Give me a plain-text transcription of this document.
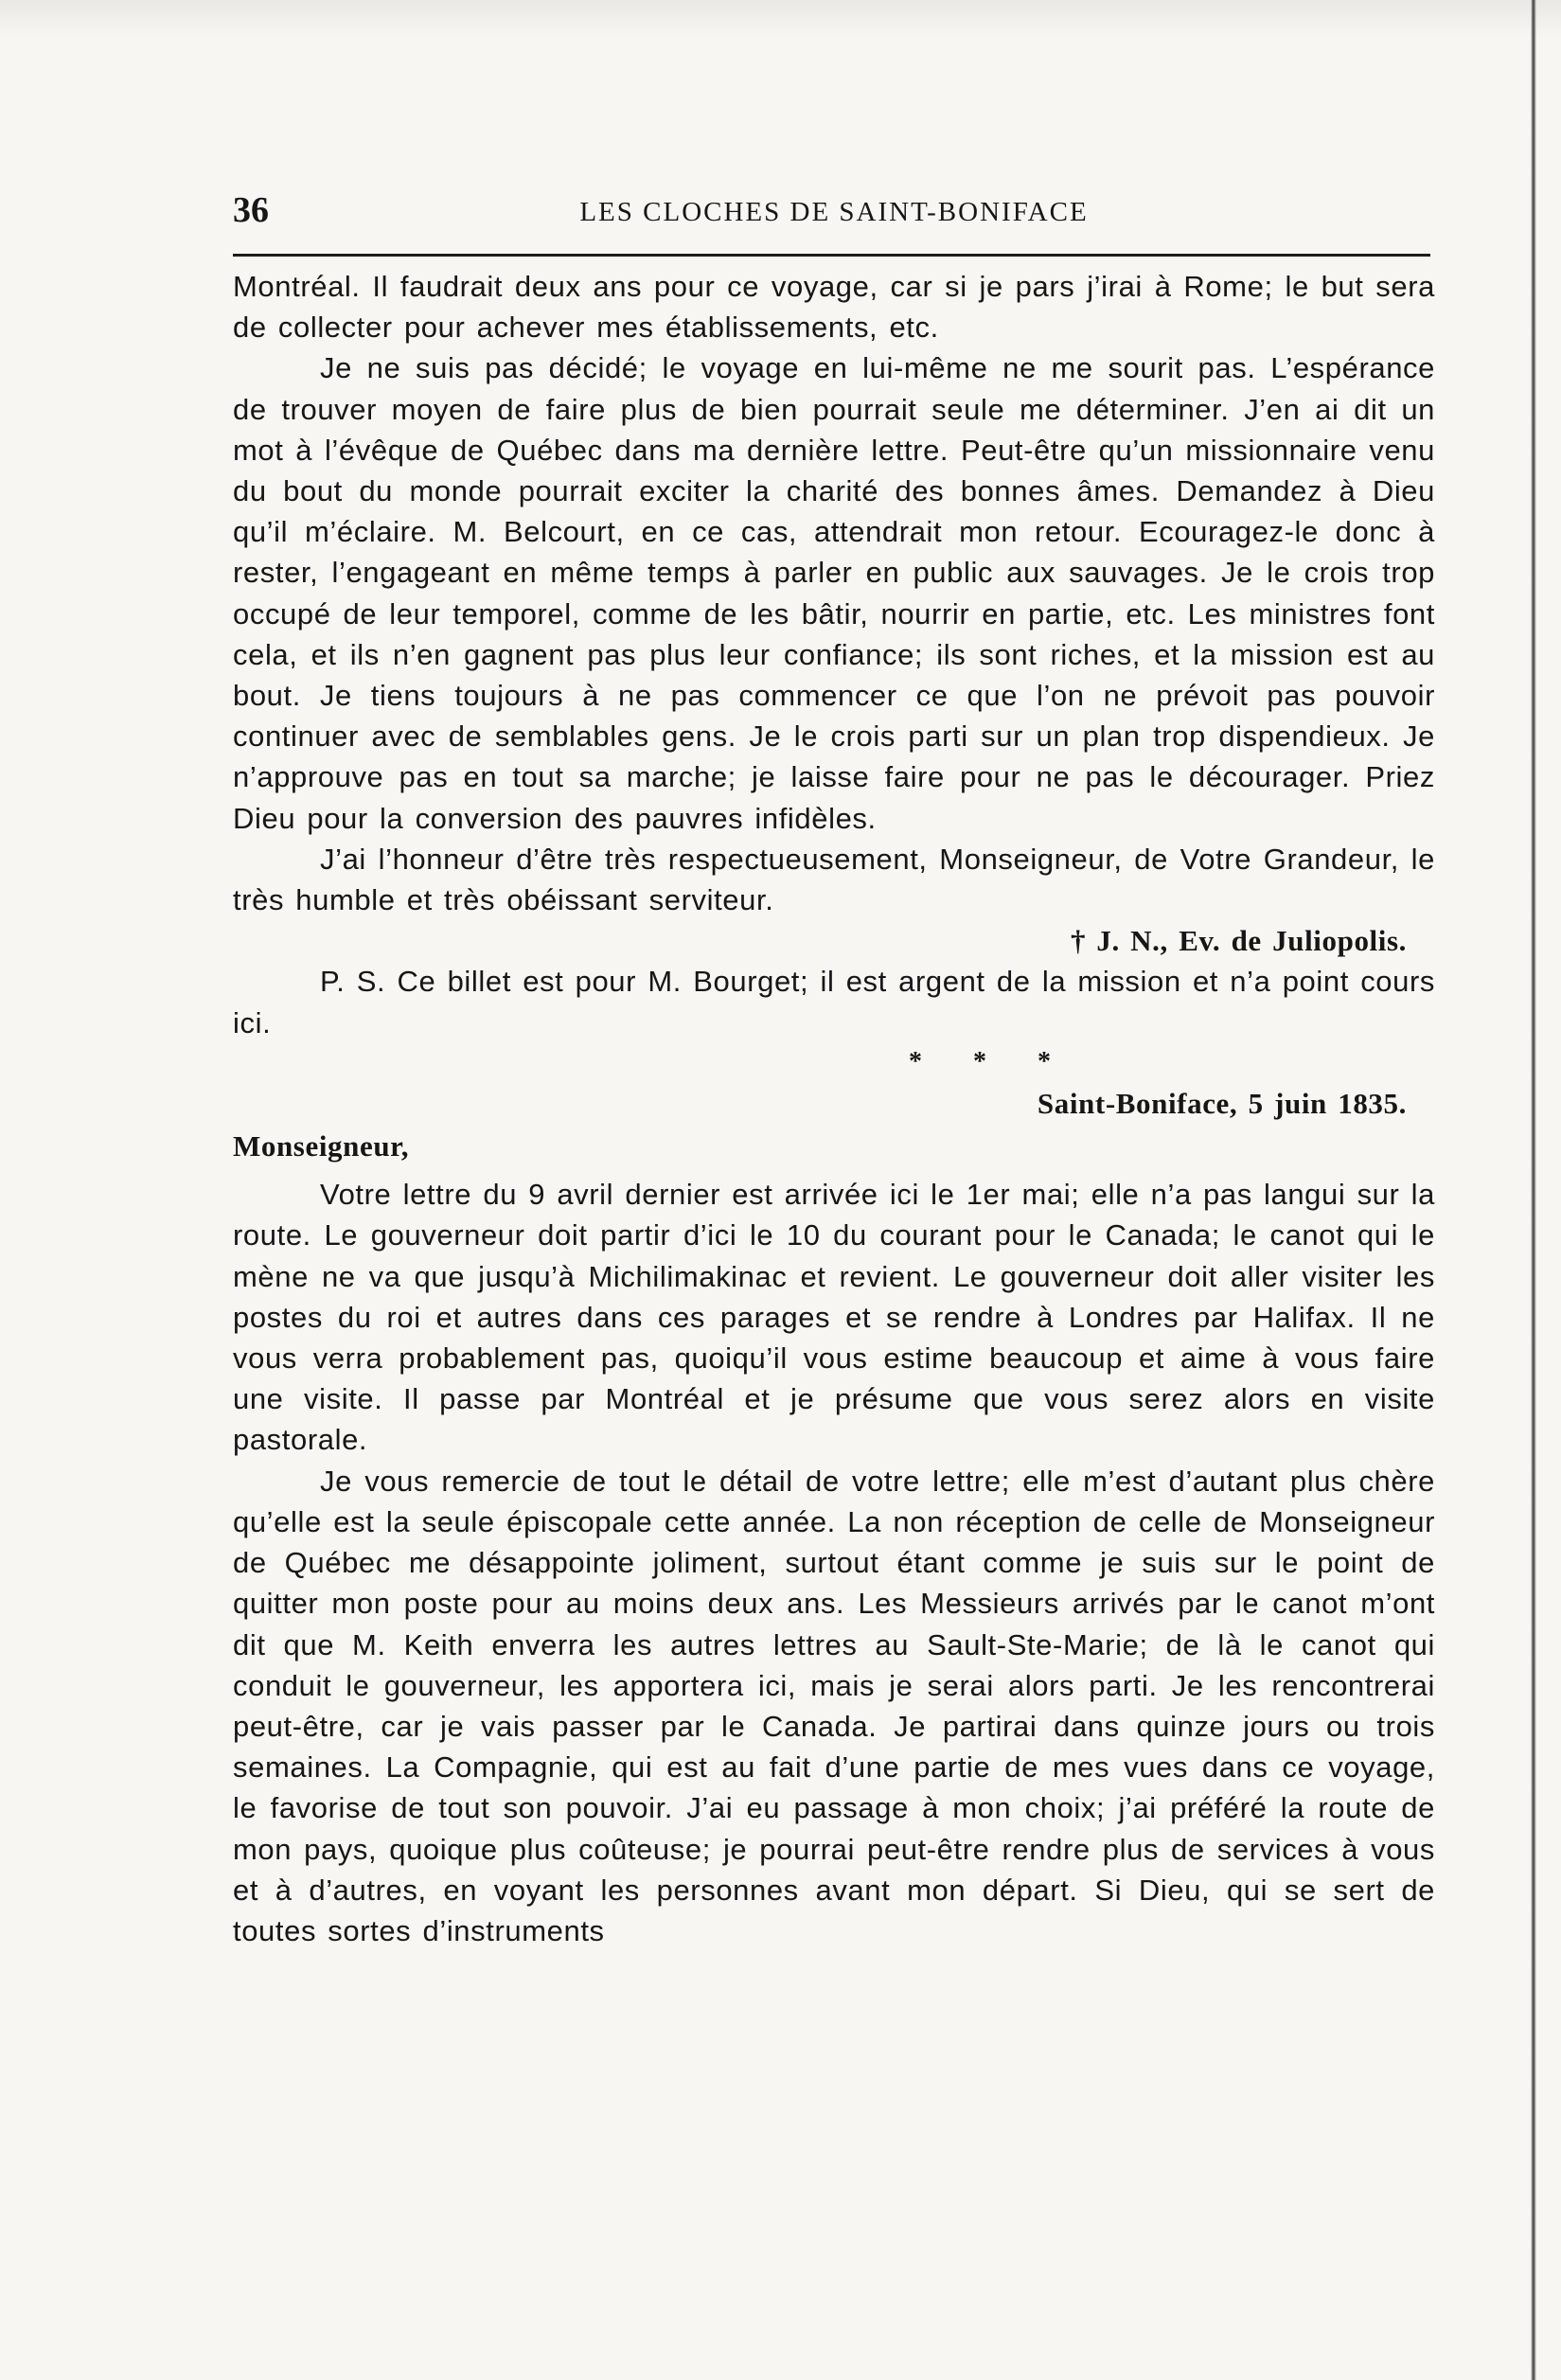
36	LES CLOCHES DE SAINT-BONIFACE

Montréal. Il faudrait deux ans pour ce voyage, car si je pars j’irai à Rome; le but sera de collecter pour achever mes établissements, etc.

Je ne suis pas décidé; le voyage en lui-même ne me sourit pas. L’espérance de trouver moyen de faire plus de bien pourrait seule me déterminer. J’en ai dit un mot à l’évêque de Québec dans ma dernière lettre. Peut-être qu’un missionnaire venu du bout du monde pourrait exciter la charité des bonnes âmes. Demandez à Dieu qu’il m’éclaire. M. Belcourt, en ce cas, attendrait mon retour. Ecouragez-le donc à rester, l’engageant en même temps à parler en public aux sauvages. Je le crois trop occupé de leur temporel, comme de les bâtir, nourrir en partie, etc. Les ministres font cela, et ils n’en gagnent pas plus leur confiance; ils sont riches, et la mission est au bout. Je tiens toujours à ne pas commencer ce que l’on ne prévoit pas pouvoir continuer avec de semblables gens. Je le crois parti sur un plan trop dispendieux. Je n’approuve pas en tout sa marche; je laisse faire pour ne pas le décourager. Priez Dieu pour la conversion des pauvres infidèles.

J’ai l’honneur d’être très respectueusement, Monseigneur, de Votre Grandeur, le très humble et très obéissant serviteur.

† J. N., Ev. de Juliopolis.

P. S. Ce billet est pour M. Bourget; il est argent de la mission et n’a point cours ici.

* * *
Saint-Boniface, 5 juin 1835.
Monseigneur,

Votre lettre du 9 avril dernier est arrivée ici le 1er mai; elle n’a pas langui sur la route. Le gouverneur doit partir d’ici le 10 du courant pour le Canada; le canot qui le mène ne va que jusqu’à Michilimakinac et revient. Le gouverneur doit aller visiter les postes du roi et autres dans ces parages et se rendre à Londres par Halifax. Il ne vous verra probablement pas, quoiqu’il vous estime beaucoup et aime à vous faire une visite. Il passe par Montréal et je présume que vous serez alors en visite pastorale.

Je vous remercie de tout le détail de votre lettre; elle m’est d’autant plus chère qu’elle est la seule épiscopale cette année. La non réception de celle de Monseigneur de Québec me désappointe joliment, surtout étant comme je suis sur le point de quitter mon poste pour au moins deux ans. Les Messieurs arrivés par le canot m’ont dit que M. Keith enverra les autres lettres au Sault-Ste-Marie; de là le canot qui conduit le gouverneur, les apportera ici, mais je serai alors parti. Je les rencontrerai peut-être, car je vais passer par le Canada. Je partirai dans quinze jours ou trois semaines. La Compagnie, qui est au fait d’une partie de mes vues dans ce voyage, le favorise de tout son pouvoir. J’ai eu passage à mon choix; j’ai préféré la route de mon pays, quoique plus coûteuse; je pourrai peut-être rendre plus de services à vous et à d’autres, en voyant les personnes avant mon départ. Si Dieu, qui se sert de toutes sortes d’instruments
